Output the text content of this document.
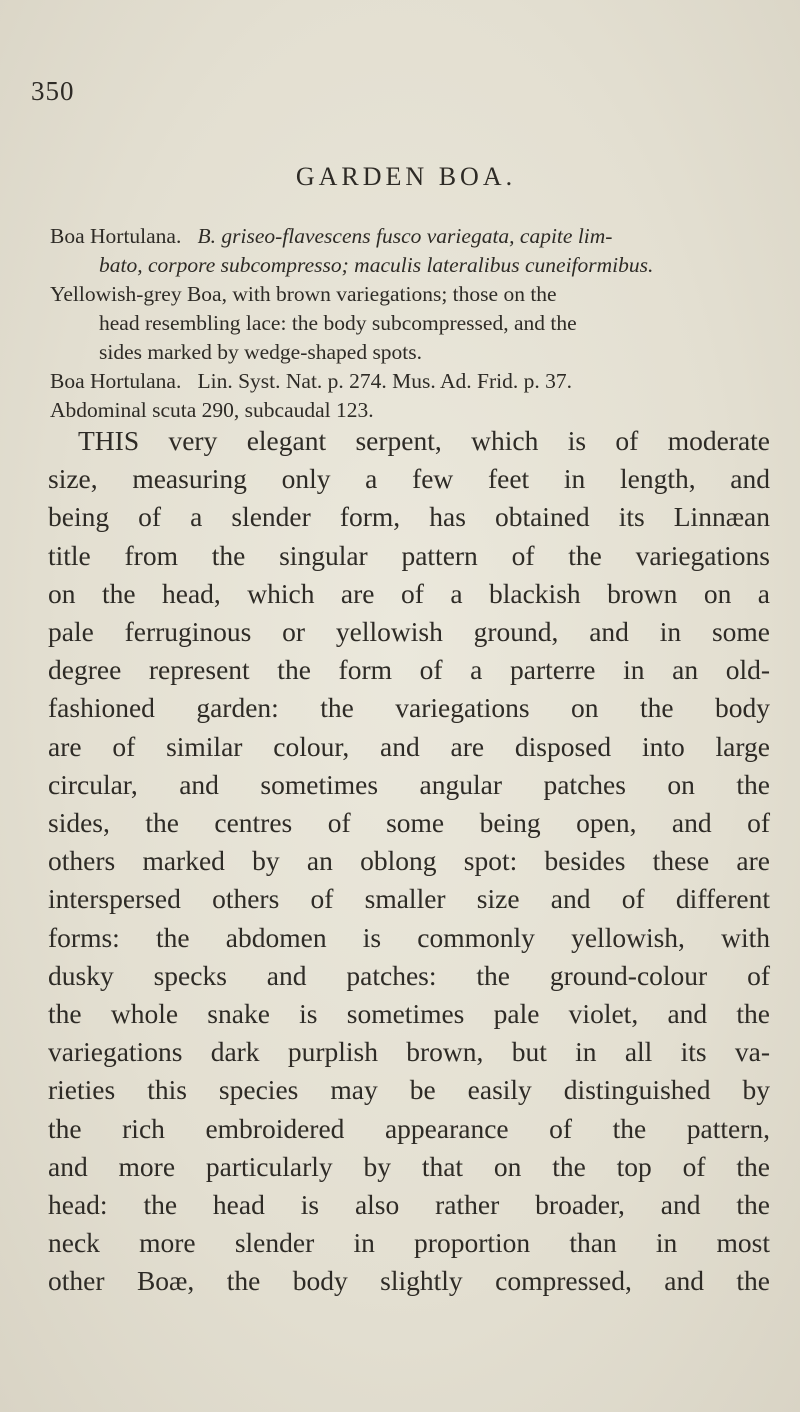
350
GARDEN BOA.

Boa Hortulana. B. griseo-flavescens fusco variegata, capite lim-
bato, corpore subcompresso; maculis lateralibus cuneiformibus.

Yellowish-grey Boa, with brown variegations; those on the
head resembling lace: the body subcompressed, and the
sides marked by wedge-shaped spots.

Boa Hortulana. Lin. Syst. Nat. p. 274. Mus. Ad. Frid. p. 37.

Abdominal scuta 290, subcaudal 123.

THIS very elegant serpent, which is of moderate
size, measuring only a few feet in length, and
being of a slender form, has obtained its Linnæan
title from the singular pattern of the variegations
on the head, which are of a blackish brown on a
pale ferruginous or yellowish ground, and in some
degree represent the form of a parterre in an old-
fashioned garden: the variegations on the body
are of similar colour, and are disposed into large
circular, and sometimes angular patches on the
sides, the centres of some being open, and of
others marked by an oblong spot: besides these are
interspersed others of smaller size and of different
forms: the abdomen is commonly yellowish, with
dusky specks and patches: the ground-colour of
the whole snake is sometimes pale violet, and the
variegations dark purplish brown, but in all its va-
rieties this species may be easily distinguished by
the rich embroidered appearance of the pattern,
and more particularly by that on the top of the
head: the head is also rather broader, and the
neck more slender in proportion than in most
other Boæ, the body slightly compressed, and the
